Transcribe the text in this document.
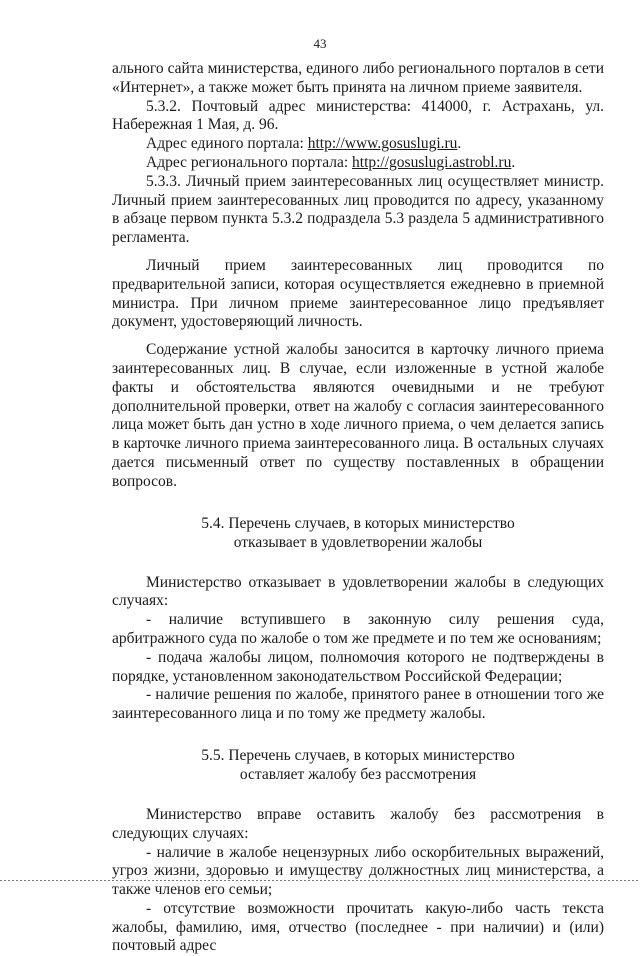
43

ального сайта министерства, единого либо регионального порталов в сети «Интернет», а также может быть принята на личном приеме заявителя.

5.3.2. Почтовый адрес министерства: 414000, г. Астрахань, ул. Набережная 1 Мая, д. 96.

Адрес единого портала: http://www.gosuslugi.ru.

Адрес регионального портала: http://gosuslugi.astrobl.ru.

5.3.3. Личный прием заинтересованных лиц осуществляет министр. Личный прием заинтересованных лиц проводится по адресу, указанному в абзаце первом пункта 5.3.2 подраздела 5.3 раздела 5 административного регламента.

Личный прием заинтересованных лиц проводится по предварительной записи, которая осуществляется ежедневно в приемной министра. При личном приеме заинтересованное лицо предъявляет документ, удостоверяющий личность.

Содержание устной жалобы заносится в карточку личного приема заинтересованных лиц. В случае, если изложенные в устной жалобе факты и обстоятельства являются очевидными и не требуют дополнительной проверки, ответ на жалобу с согласия заинтересованного лица может быть дан устно в ходе личного приема, о чем делается запись в карточке личного приема заинтересованного лица. В остальных случаях дается письменный ответ по существу поставленных в обращении вопросов.

5.4. Перечень случаев, в которых министерство
отказывает в удовлетворении жалобы

Министерство отказывает в удовлетворении жалобы в следующих случаях:

- наличие вступившего в законную силу решения суда, арбитражного суда по жалобе о том же предмете и по тем же основаниям;

- подача жалобы лицом, полномочия которого не подтверждены в порядке, установленном законодательством Российской Федерации;

- наличие решения по жалобе, принятого ранее в отношении того же заинтересованного лица и по тому же предмету жалобы.

5.5. Перечень случаев, в которых министерство
оставляет жалобу без рассмотрения

Министерство вправе оставить жалобу без рассмотрения в следующих случаях:

- наличие в жалобе нецензурных либо оскорбительных выражений, угроз жизни, здоровью и имуществу должностных лиц министерства, а также членов его семьи;

- отсутствие возможности прочитать какую-либо часть текста жалобы, фамилию, имя, отчество (последнее - при наличии) и (или) почтовый адрес
